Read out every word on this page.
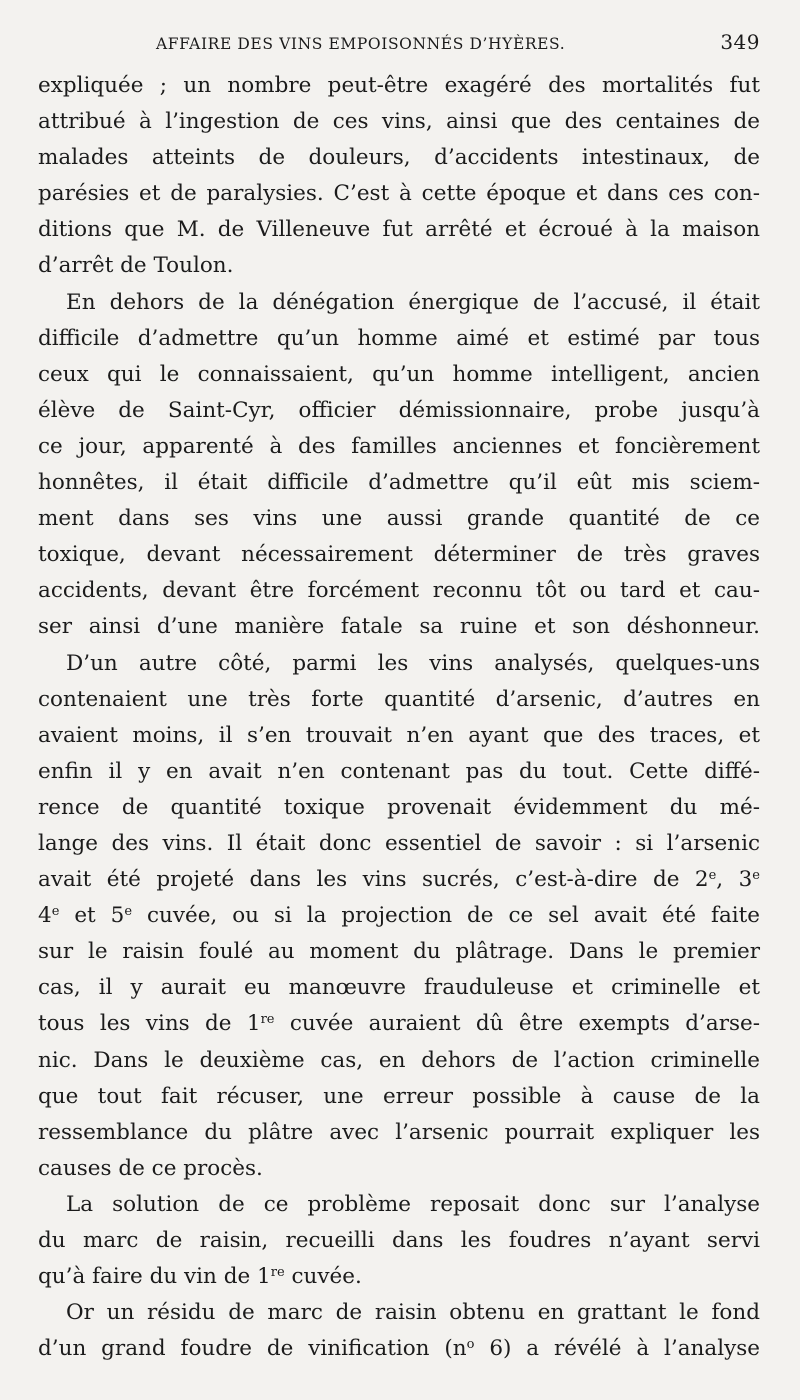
AFFAIRE DES VINS EMPOISONNÉS D’HYÈRES.	349

expliquée ; un nombre peut-être exagéré des mortalités fut
attribué à l’ingestion de ces vins, ainsi que des centaines de
malades atteints de douleurs, d’accidents intestinaux, de
parésies et de paralysies. C’est à cette époque et dans ces con-
ditions que M. de Villeneuve fut arrêté et écroué à la maison
d’arrêt de Toulon.

En dehors de la dénégation énergique de l’accusé, il était
difficile d’admettre qu’un homme aimé et estimé par tous
ceux qui le connaissaient, qu’un homme intelligent, ancien
élève de Saint-Cyr, officier démissionnaire, probe jusqu’à
ce jour, apparenté à des familles anciennes et foncièrement
honnêtes, il était difficile d’admettre qu’il eût mis sciem-
ment dans ses vins une aussi grande quantité de ce
toxique, devant nécessairement déterminer de très graves
accidents, devant être forcément reconnu tôt ou tard et cau-
ser ainsi d’une manière fatale sa ruine et son déshonneur.

D’un autre côté, parmi les vins analysés, quelques-uns
contenaient une très forte quantité d’arsenic, d’autres en
avaient moins, il s’en trouvait n’en ayant que des traces, et
enfin il y en avait n’en contenant pas du tout. Cette diffé-
rence de quantité toxique provenait évidemment du mé-
lange des vins. Il était donc essentiel de savoir : si l’arsenic
avait été projeté dans les vins sucrés, c’est-à-dire de 2e, 3e
4e et 5e cuvée, ou si la projection de ce sel avait été faite
sur le raisin foulé au moment du plâtrage. Dans le premier
cas, il y aurait eu manœuvre frauduleuse et criminelle et
tous les vins de 1re cuvée auraient dû être exempts d’arse-
nic. Dans le deuxième cas, en dehors de l’action criminelle
que tout fait récuser, une erreur possible à cause de la
ressemblance du plâtre avec l’arsenic pourrait expliquer les
causes de ce procès.

La solution de ce problème reposait donc sur l’analyse
du marc de raisin, recueilli dans les foudres n’ayant servi
qu’à faire du vin de 1re cuvée.

Or un résidu de marc de raisin obtenu en grattant le fond
d’un grand foudre de vinification ($n^o$ 6) a révélé à l’analyse
